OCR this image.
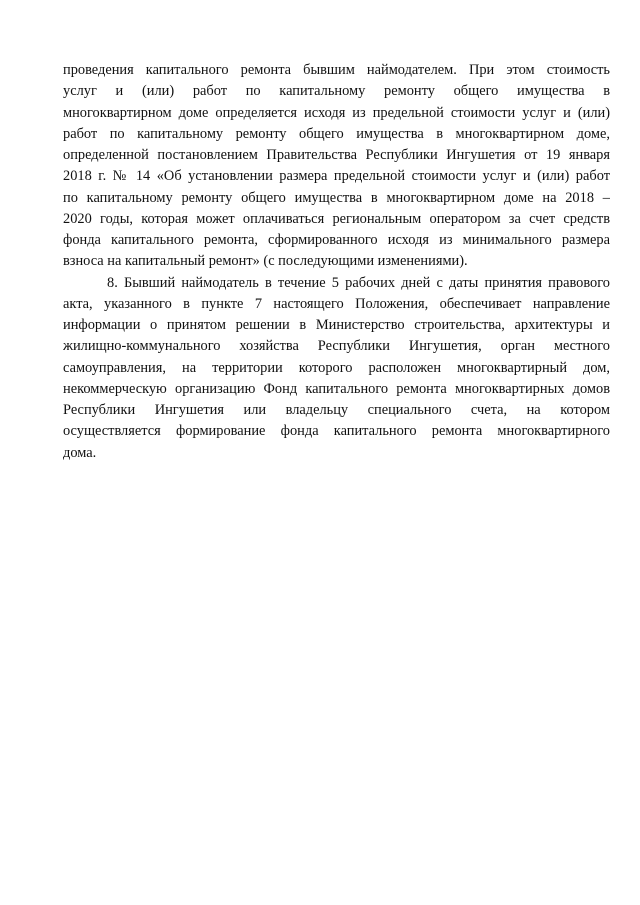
проведения капитального ремонта бывшим наймодателем. При этом стоимость
услуг и (или) работ по капитальному ремонту общего имущества в
многоквартирном доме определяется исходя из предельной стоимости услуг и (или)
работ по капитальному ремонту общего имущества в многоквартирном доме,
определенной постановлением Правительства Республики Ингушетия от 19 января
2018 г. № 14 «Об установлении размера предельной стоимости услуг и (или) работ
по капитальному ремонту общего имущества в многоквартирном доме на 2018 –
2020 годы, которая может оплачиваться региональным оператором за счет средств
фонда капитального ремонта, сформированного исходя из минимального размера
взноса на капитальный ремонт» (с последующими изменениями).
8. Бывший наймодатель в течение 5 рабочих дней с даты принятия правового
акта, указанного в пункте 7 настоящего Положения, обеспечивает направление
информации о принятом решении в Министерство строительства, архитектуры и
жилищно-коммунального хозяйства Республики Ингушетия, орган местного
самоуправления, на территории которого расположен многоквартирный дом,
некоммерческую организацию Фонд капитального ремонта многоквартирных домов
Республики Ингушетия или владельцу специального счета, на котором
осуществляется формирование фонда капитального ремонта многоквартирного
дома.
